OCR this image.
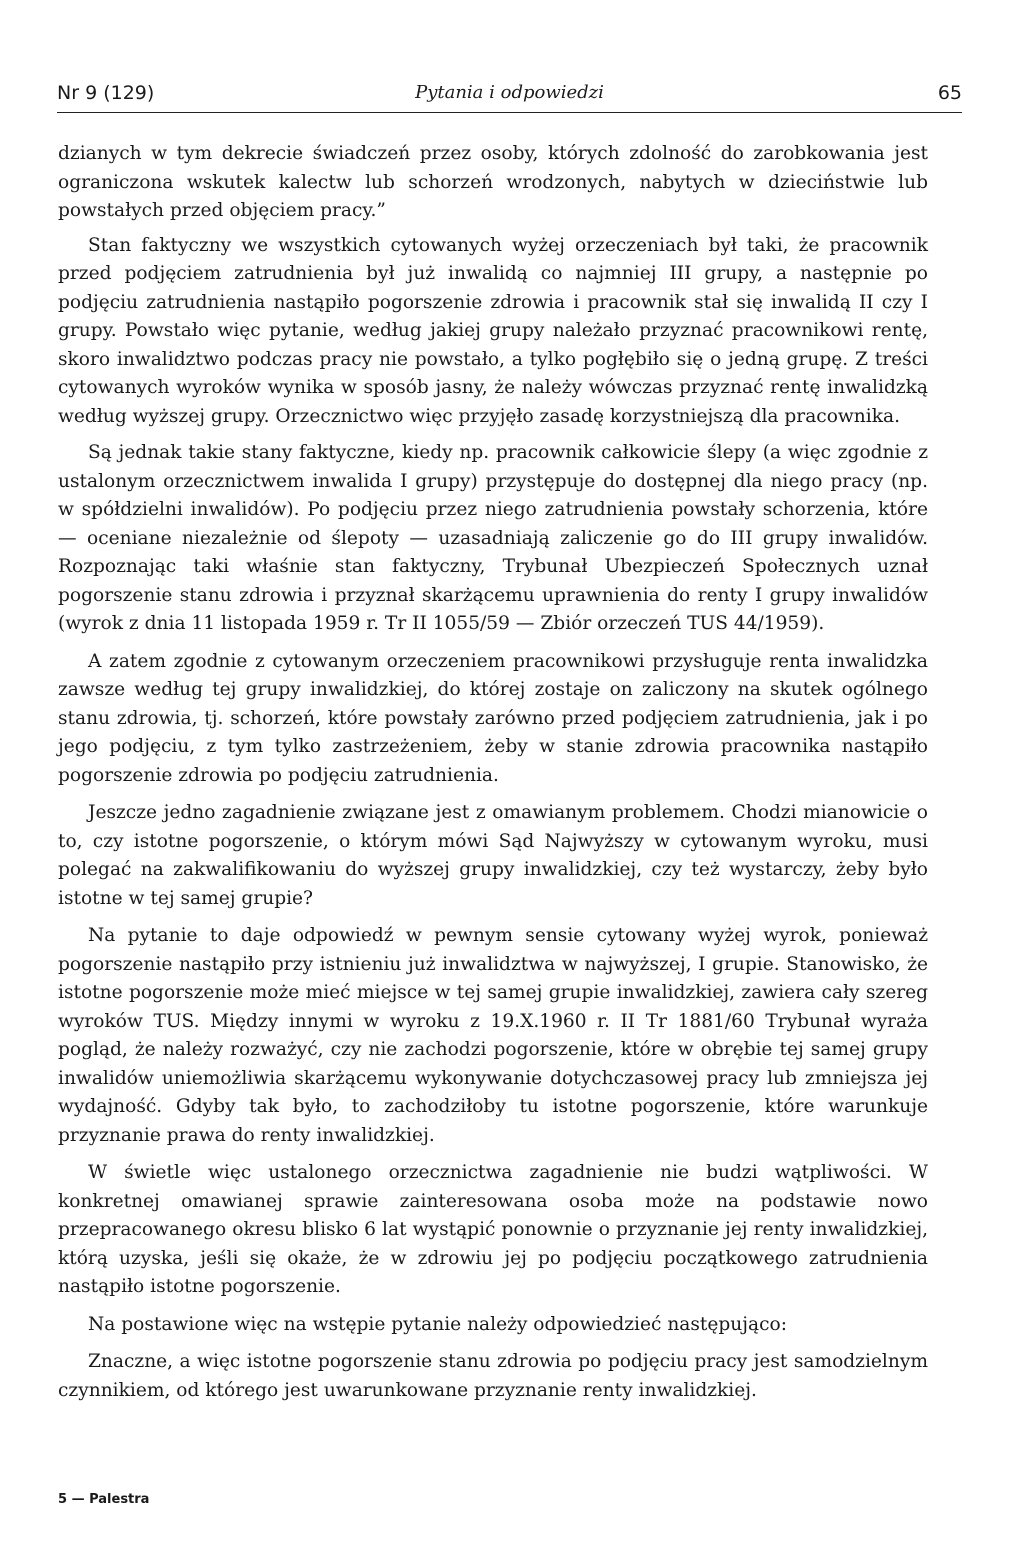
Nr 9 (129)	Pytania i odpowiedzi	65

dzianych w tym dekrecie świadczeń przez osoby, których zdolność do zarobkowania jest ograniczona wskutek kalectw lub schorzeń wrodzonych, nabytych w dzieciństwie lub powstałych przed objęciem pracy.”

Stan faktyczny we wszystkich cytowanych wyżej orzeczeniach był taki, że pracownik przed podjęciem zatrudnienia był już inwalidą co najmniej III grupy, a następnie po podjęciu zatrudnienia nastąpiło pogorszenie zdrowia i pracownik stał się inwalidą II czy I grupy. Powstało więc pytanie, według jakiej grupy należało przyznać pracownikowi rentę, skoro inwalidztwo podczas pracy nie powstało, a tylko pogłębiło się o jedną grupę. Z treści cytowanych wyroków wynika w sposób jasny, że należy wówczas przyznać rentę inwalidzką według wyższej grupy. Orzecznictwo więc przyjęło zasadę korzystniejszą dla pracownika.

Są jednak takie stany faktyczne, kiedy np. pracownik całkowicie ślepy (a więc zgodnie z ustalonym orzecznictwem inwalida I grupy) przystępuje do dostępnej dla niego pracy (np. w spółdzielni inwalidów). Po podjęciu przez niego zatrudnienia powstały schorzenia, które — oceniane niezależnie od ślepoty — uzasadniają zaliczenie go do III grupy inwalidów. Rozpoznając taki właśnie stan faktyczny, Trybunał Ubezpieczeń Społecznych uznał pogorszenie stanu zdrowia i przyznał skarżącemu uprawnienia do renty I grupy inwalidów (wyrok z dnia 11 listopada 1959 r. Tr II 1055/59 — Zbiór orzeczeń TUS 44/1959).

A zatem zgodnie z cytowanym orzeczeniem pracownikowi przysługuje renta inwalidzka zawsze według tej grupy inwalidzkiej, do której zostaje on zaliczony na skutek ogólnego stanu zdrowia, tj. schorzeń, które powstały zarówno przed podjęciem zatrudnienia, jak i po jego podjęciu, z tym tylko zastrzeżeniem, żeby w stanie zdrowia pracownika nastąpiło pogorszenie zdrowia po podjęciu zatrudnienia.

Jeszcze jedno zagadnienie związane jest z omawianym problemem. Chodzi mianowicie o to, czy istotne pogorszenie, o którym mówi Sąd Najwyższy w cytowanym wyroku, musi polegać na zakwalifikowaniu do wyższej grupy inwalidzkiej, czy też wystarczy, żeby było istotne w tej samej grupie?

Na pytanie to daje odpowiedź w pewnym sensie cytowany wyżej wyrok, ponieważ pogorszenie nastąpiło przy istnieniu już inwalidztwa w najwyższej, I grupie. Stanowisko, że istotne pogorszenie może mieć miejsce w tej samej grupie inwalidzkiej, zawiera cały szereg wyroków TUS. Między innymi w wyroku z 19.X.1960 r. II Tr 1881/60 Trybunał wyraża pogląd, że należy rozważyć, czy nie zachodzi pogorszenie, które w obrębie tej samej grupy inwalidów uniemożliwia skarżącemu wykonywanie dotychczasowej pracy lub zmniejsza jej wydajność. Gdyby tak było, to zachodziłoby tu istotne pogorszenie, które warunkuje przyznanie prawa do renty inwalidzkiej.

W świetle więc ustalonego orzecznictwa zagadnienie nie budzi wątpliwości. W konkretnej omawianej sprawie zainteresowana osoba może na podstawie nowo przepracowanego okresu blisko 6 lat wystąpić ponownie o przyznanie jej renty inwalidzkiej, którą uzyska, jeśli się okaże, że w zdrowiu jej po podjęciu początkowego zatrudnienia nastąpiło istotne pogorszenie.

Na postawione więc na wstępie pytanie należy odpowiedzieć następująco:

Znaczne, a więc istotne pogorszenie stanu zdrowia po podjęciu pracy jest samodzielnym czynnikiem, od którego jest uwarunkowane przyznanie renty inwalidzkiej.

5 — Palestra
